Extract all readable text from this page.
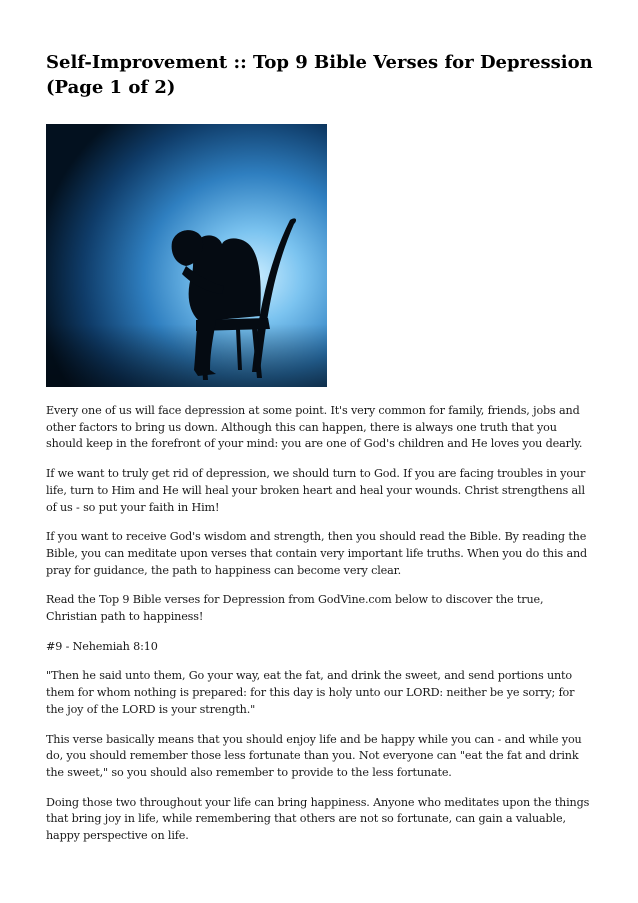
Self-Improvement :: Top 9 Bible Verses for Depression (Page 1 of 2)

Every one of us will face depression at some point. It's very common for family, friends, jobs and other factors to bring us down. Although this can happen, there is always one truth that you should keep in the forefront of your mind: you are one of God's children and He loves you dearly.

If we want to truly get rid of depression, we should turn to God. If you are facing troubles in your life, turn to Him and He will heal your broken heart and heal your wounds. Christ strengthens all of us - so put your faith in Him!

If you want to receive God's wisdom and strength, then you should read the Bible. By reading the Bible, you can meditate upon verses that contain very important life truths. When you do this and pray for guidance, the path to happiness can become very clear.

Read the Top 9 Bible verses for Depression from GodVine.com below to discover the true, Christian path to happiness!

#9 - Nehemiah 8:10

"Then he said unto them, Go your way, eat the fat, and drink the sweet, and send portions unto them for whom nothing is prepared: for this day is holy unto our LORD: neither be ye sorry; for the joy of the LORD is your strength."

This verse basically means that you should enjoy life and be happy while you can - and while you do, you should remember those less fortunate than you. Not everyone can "eat the fat and drink the sweet," so you should also remember to provide to the less fortunate.

Doing those two throughout your life can bring happiness. Anyone who meditates upon the things that bring joy in life, while remembering that others are not so fortunate, can gain a valuable, happy perspective on life.
